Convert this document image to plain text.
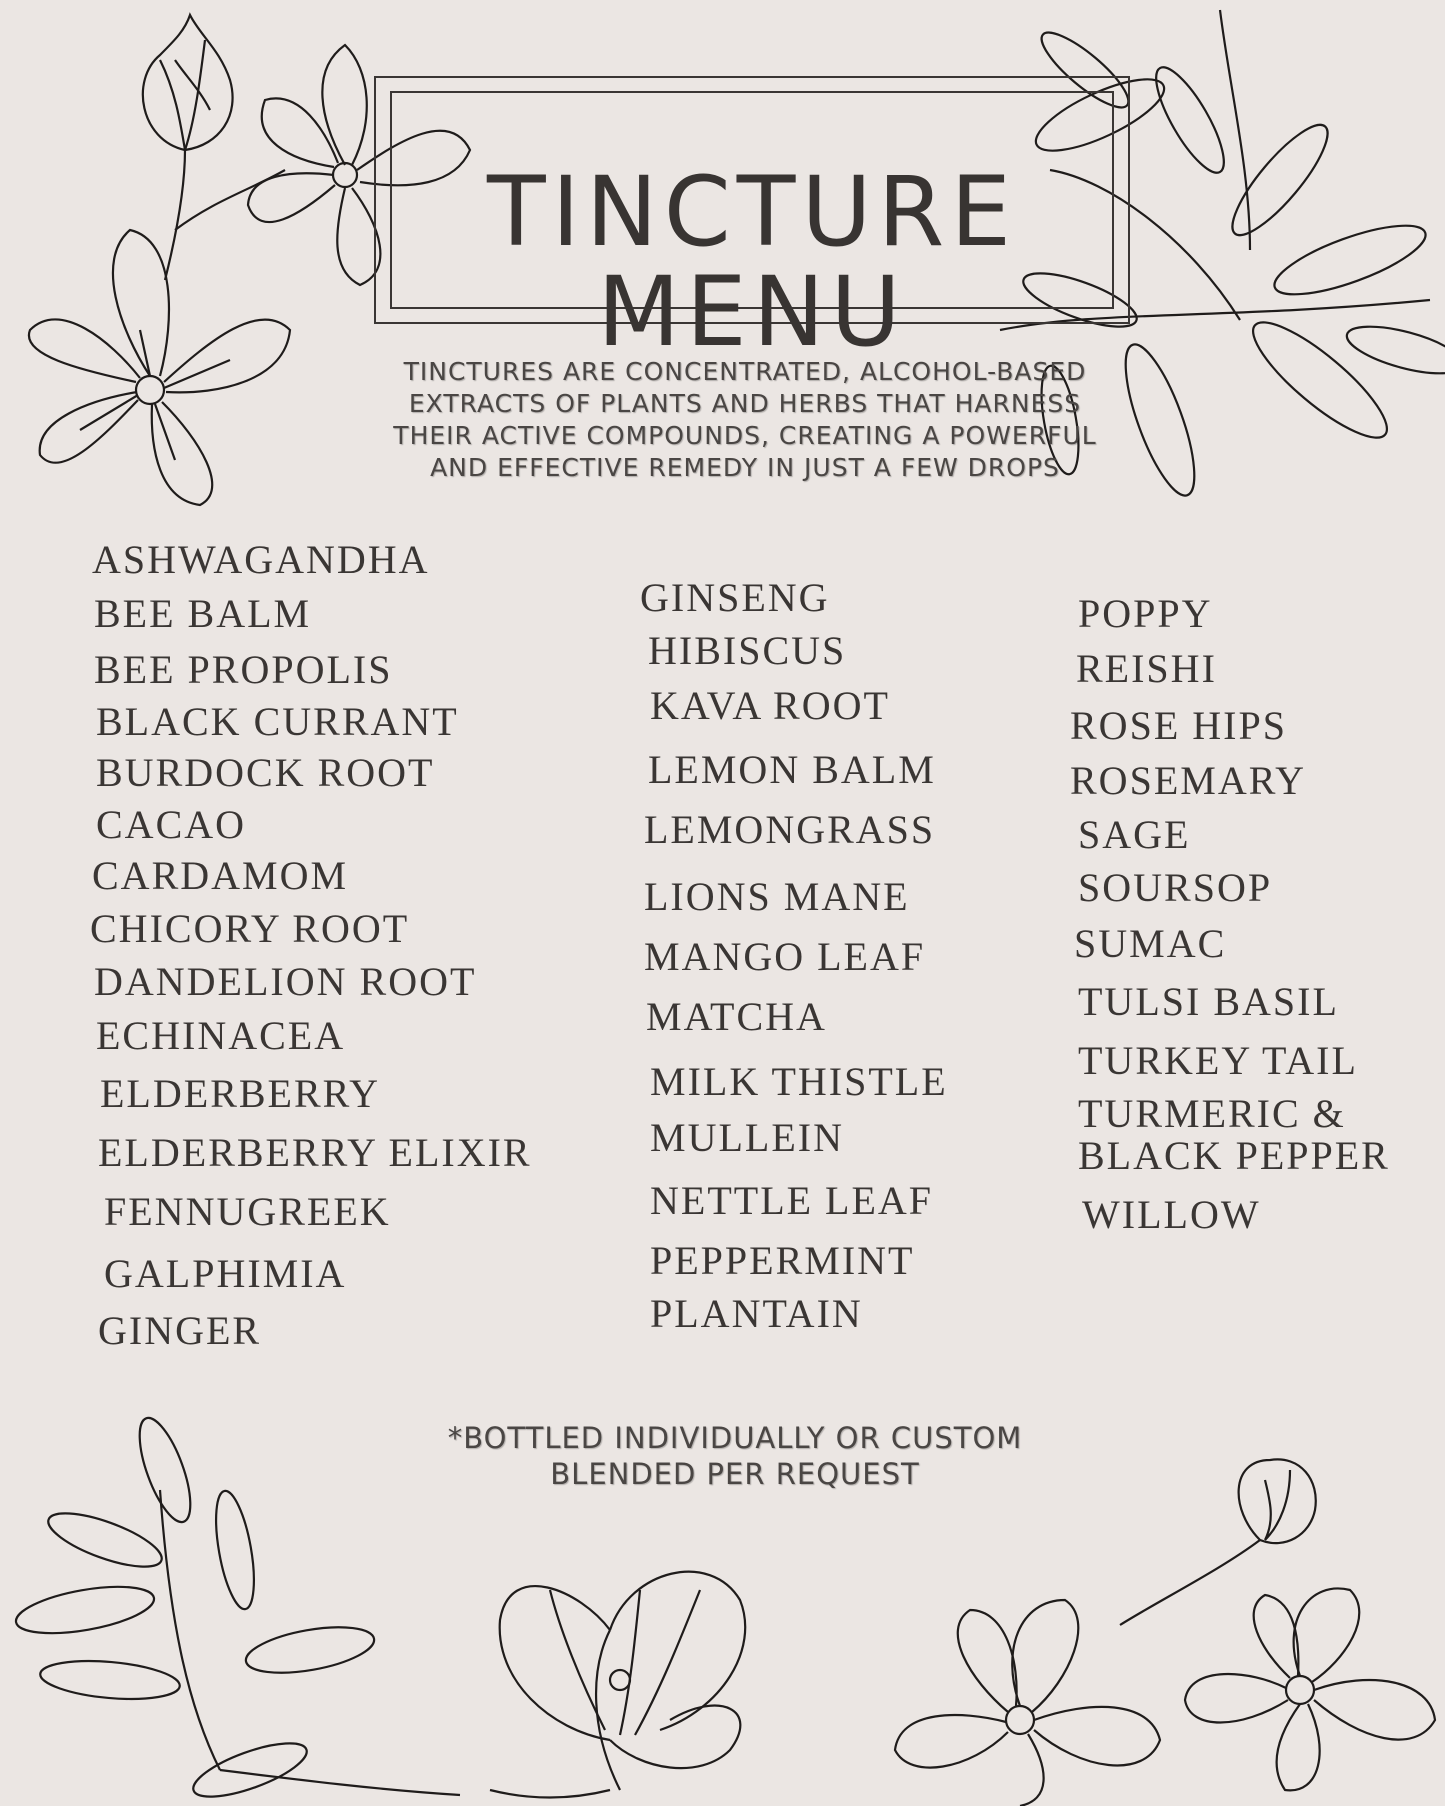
TINCTURE
MENU
TINCTURES ARE CONCENTRATED, ALCOHOL-BASED
EXTRACTS OF PLANTS AND HERBS THAT HARNESS
THEIR ACTIVE COMPOUNDS, CREATING A POWERFUL
AND EFFECTIVE REMEDY IN JUST A FEW DROPS
ASHWAGANDHA
BEE BALM
BEE PROPOLIS
BLACK CURRANT
BURDOCK ROOT
CACAO
CARDAMOM
CHICORY ROOT
DANDELION ROOT
ECHINACEA
ELDERBERRY
ELDERBERRY ELIXIR
FENNUGREEK
GALPHIMIA
GINGER
GINSENG
HIBISCUS
KAVA ROOT
LEMON BALM
LEMONGRASS
LIONS MANE
MANGO LEAF
MATCHA
MILK THISTLE
MULLEIN
NETTLE LEAF
PEPPERMINT
PLANTAIN
POPPY
REISHI
ROSE HIPS
ROSEMARY
SAGE
SOURSOP
SUMAC
TULSI BASIL
TURKEY TAIL
TURMERIC &
BLACK PEPPER
WILLOW
*BOTTLED INDIVIDUALLY OR CUSTOM
BLENDED PER REQUEST
